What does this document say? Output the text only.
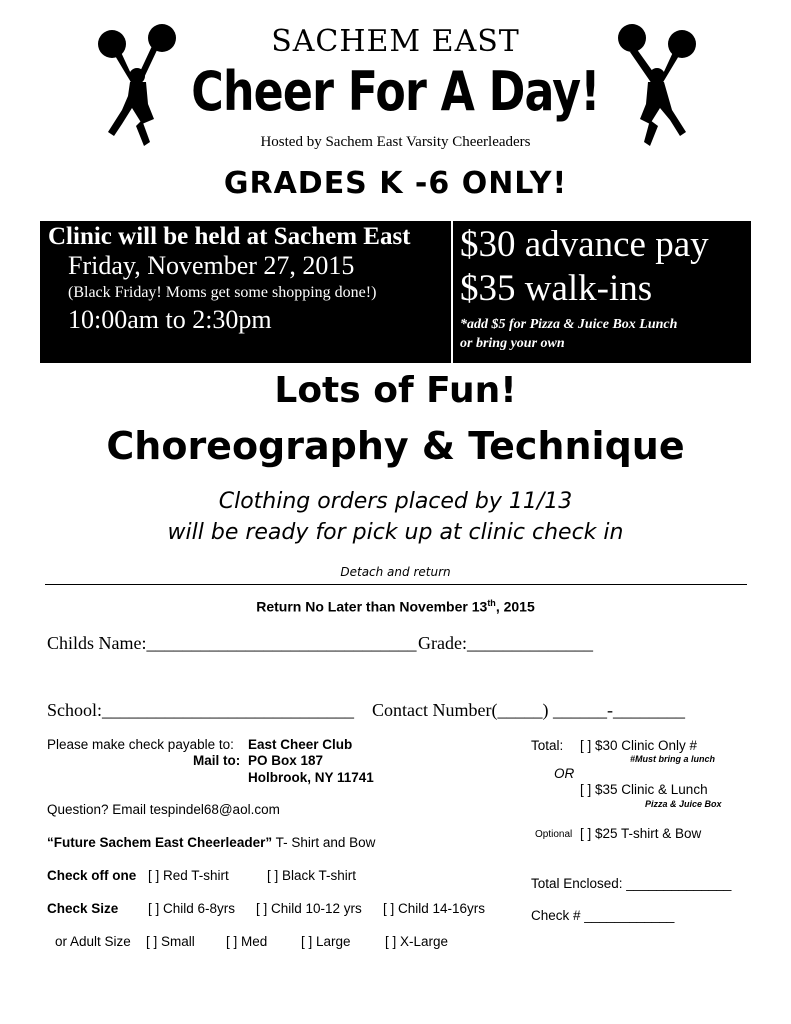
SACHEM EAST
Cheer For A Day!
Hosted by Sachem East Varsity Cheerleaders
GRADES K -6 ONLY!
Clinic will be held at Sachem East
Friday, November 27, 2015
(Black Friday! Moms get some shopping done!)
10:00am to 2:30pm
$30 advance pay
$35 walk-ins
*add $5 for Pizza & Juice Box Lunch
or bring your own
Lots of Fun!
Choreography & Technique
Clothing orders placed by 11/13
will be ready for pick up at clinic check in
Detach and return
Return No Later than November 13th, 2015
Childs Name:______________________________ Grade:______________
School:____________________________ Contact Number(_____) ______-________
Please make check payable to: East Cheer Club
Mail to: PO Box 187
Holbrook, NY 11741
Question? Email tespindel68@aol.com
“Future Sachem East Cheerleader” T- Shirt and Bow
Check off one [ ] Red T-shirt	[ ] Black T-shirt
Check Size [ ] Child 6-8yrs [ ] Child 10-12 yrs [ ] Child 14-16yrs
or Adult Size [ ] Small [ ] Med [ ] Large	[ ] X-Large
Total: [ ] $30 Clinic Only #
#Must bring a lunch
OR
[ ] $35 Clinic & Lunch
Pizza & Juice Box
Optional [ ] $25 T-shirt & Bow
Total Enclosed: ______________
Check # ____________
